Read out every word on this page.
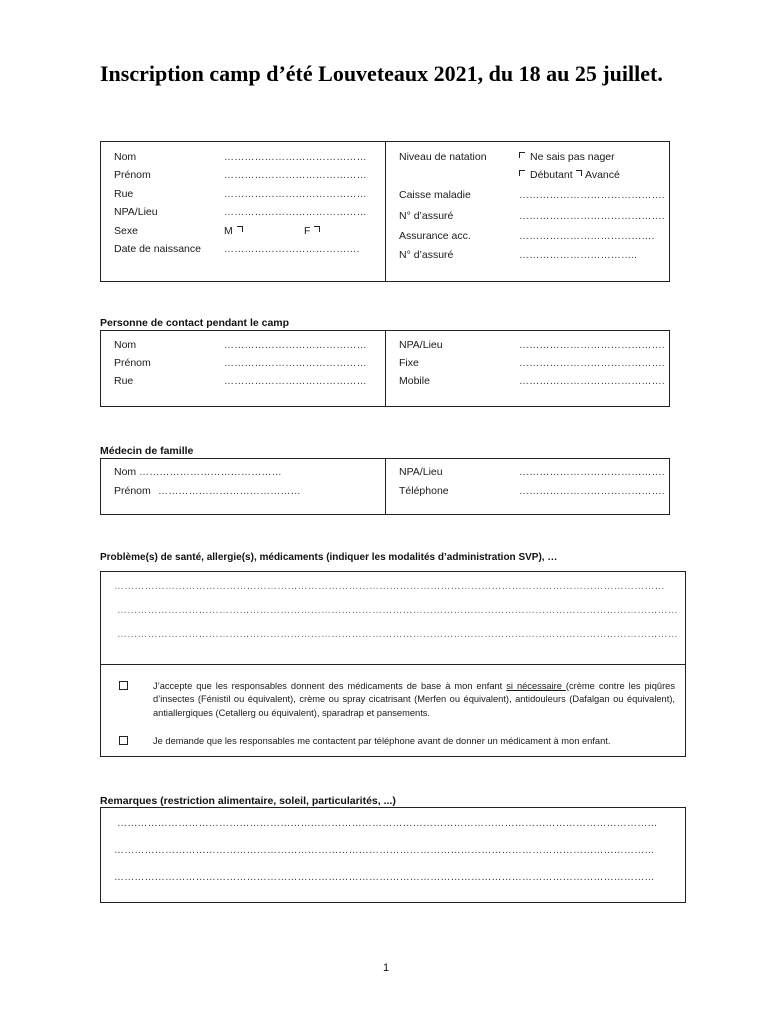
Inscription camp d’été Louveteaux 2021, du 18 au 25 juillet.
Nom	……………………………………
Prénom	……………………………………
Rue	……………………………………
NPA/Lieu	……………………………………
Sexe	M	F
Date de naissance ………………………………….
Niveau de natation	Ne sais pas nager
Débutant	Avancé
Caisse maladie	…………………………………….
N° d’assuré	…………………………………….
Assurance acc.	………………………………….
N° d’assuré	……………………………..
Personne de contact pendant le camp
Nom	……………………………………
Prénom	……………………………………
Rue	……………………………………
NPA/Lieu	…………………………………….
Fixe	…………………………………….
Mobile	…………………………………….
Médecin de famille
Nom ……………………………………
Prénom ……………………………………
NPA/Lieu	…………………………………….
Téléphone	…………………………………….
Problème(s) de santé, allergie(s), médicaments (indiquer les modalités d’administration SVP), …
………………………………………………………………………………………………………………………………………………
…………………………………………………………………………………………………………………………………………………
…………………………………………………………………………………………………………………………………………………
J’accepte que les responsables donnent des médicaments de base à mon enfant si nécessaire (crème contre les piqûres d’insectes (Fénistil ou équivalent), crème ou spray cicatrisant (Merfen ou équivalent), antidouleurs (Dafalgan ou équivalent), antiallergiques (Cetallerg ou équivalent), sparadrap et pansements.
Je demande que les responsables me contactent par téléphone avant de donner un médicament à mon enfant.
Remarques (restriction alimentaire, soleil, particularités, ...)
……………………………………………………………………………………………………………………………………………
……………………………………………………………………………………………………………………………………………
……………………………………………………………………………………………………………………………………………
1
